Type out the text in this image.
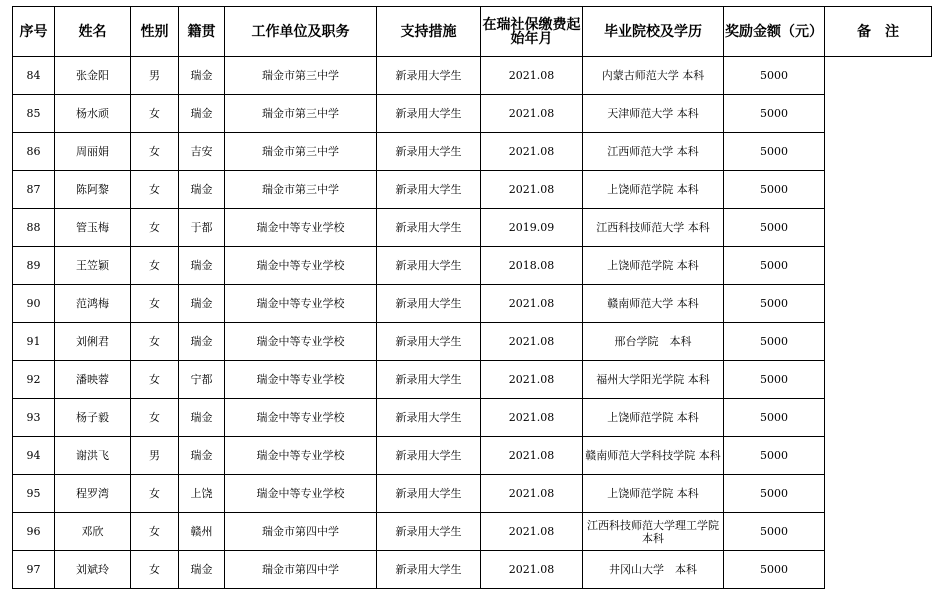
序号	姓名	性别	籍贯	工作单位及职务	支持措施	在瑞社保缴费起始年月	毕业院校及学历	奖励金额（元）	备　注
84	张金阳	男	瑞金	瑞金市第三中学	新录用大学生	2021.08	内蒙古师范大学 本科	5000	
85	杨水顽	女	瑞金	瑞金市第三中学	新录用大学生	2021.08	天津师范大学 本科	5000	
86	周丽娟	女	吉安	瑞金市第三中学	新录用大学生	2021.08	江西师范大学 本科	5000	
87	陈阿黎	女	瑞金	瑞金市第三中学	新录用大学生	2021.08	上饶师范学院 本科	5000	
88	管玉梅	女	于都	瑞金中等专业学校	新录用大学生	2019.09	江西科技师范大学 本科	5000	
89	王笠颖	女	瑞金	瑞金中等专业学校	新录用大学生	2018.08	上饶师范学院 本科	5000	
90	范鸿梅	女	瑞金	瑞金中等专业学校	新录用大学生	2021.08	赣南师范大学 本科	5000	
91	刘俐君	女	瑞金	瑞金中等专业学校	新录用大学生	2021.08	邢台学院　本科	5000	
92	潘映蓉	女	宁都	瑞金中等专业学校	新录用大学生	2021.08	福州大学阳光学院 本科	5000	
93	杨子毅	女	瑞金	瑞金中等专业学校	新录用大学生	2021.08	上饶师范学院 本科	5000	
94	谢洪飞	男	瑞金	瑞金中等专业学校	新录用大学生	2021.08	赣南师范大学科技学院 本科	5000	
95	程罗湾	女	上饶	瑞金中等专业学校	新录用大学生	2021.08	上饶师范学院 本科	5000	
96	邓欣	女	赣州	瑞金市第四中学	新录用大学生	2021.08	江西科技师范大学理工学院本科	5000	
97	刘斌玲	女	瑞金	瑞金市第四中学	新录用大学生	2021.08	井冈山大学　本科	5000	
